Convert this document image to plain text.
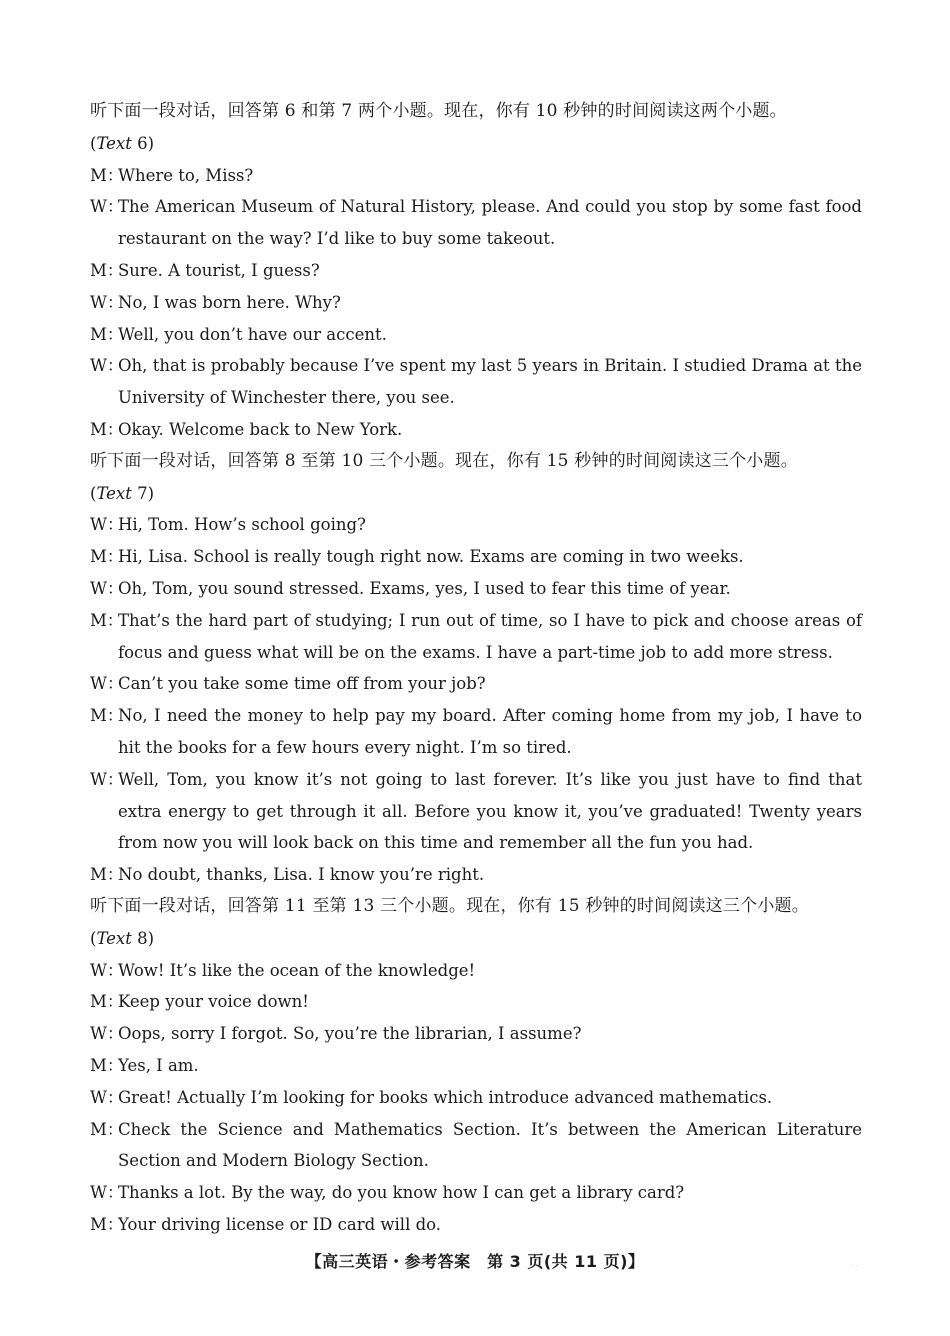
听下面一段对话，回答第 6 和第 7 两个小题。现在，你有 10 秒钟的时间阅读这两个小题。
(Text 6)
M：Where to, Miss?
W：The American Museum of Natural History, please. And could you stop by some fast food restaurant on the way? I’d like to buy some takeout.
M：Sure. A tourist, I guess?
W：No, I was born here. Why?
M：Well, you don’t have our accent.
W：Oh, that is probably because I’ve spent my last 5 years in Britain. I studied Drama at the University of Winchester there, you see.
M：Okay. Welcome back to New York.
听下面一段对话，回答第 8 至第 10 三个小题。现在，你有 15 秒钟的时间阅读这三个小题。
(Text 7)
W：Hi, Tom. How’s school going?
M：Hi, Lisa. School is really tough right now. Exams are coming in two weeks.
W：Oh, Tom, you sound stressed. Exams, yes, I used to fear this time of year.
M：That’s the hard part of studying; I run out of time, so I have to pick and choose areas of focus and guess what will be on the exams. I have a part-time job to add more stress.
W：Can’t you take some time off from your job?
M：No, I need the money to help pay my board. After coming home from my job, I have to hit the books for a few hours every night. I’m so tired.
W：Well, Tom, you know it’s not going to last forever. It’s like you just have to find that extra energy to get through it all. Before you know it, you’ve graduated! Twenty years from now you will look back on this time and remember all the fun you had.
M：No doubt, thanks, Lisa. I know you’re right.
听下面一段对话，回答第 11 至第 13 三个小题。现在，你有 15 秒钟的时间阅读这三个小题。
(Text 8)
W：Wow! It’s like the ocean of the knowledge!
M：Keep your voice down!
W：Oops, sorry I forgot. So, you’re the librarian, I assume?
M：Yes, I am.
W：Great! Actually I’m looking for books which introduce advanced mathematics.
M：Check the Science and Mathematics Section. It’s between the American Literature Section and Modern Biology Section.
W：Thanks a lot. By the way, do you know how I can get a library card?
M：Your driving license or ID card will do.
【高三英语・参考答案　第 3 页(共 11 页)】	· ·
